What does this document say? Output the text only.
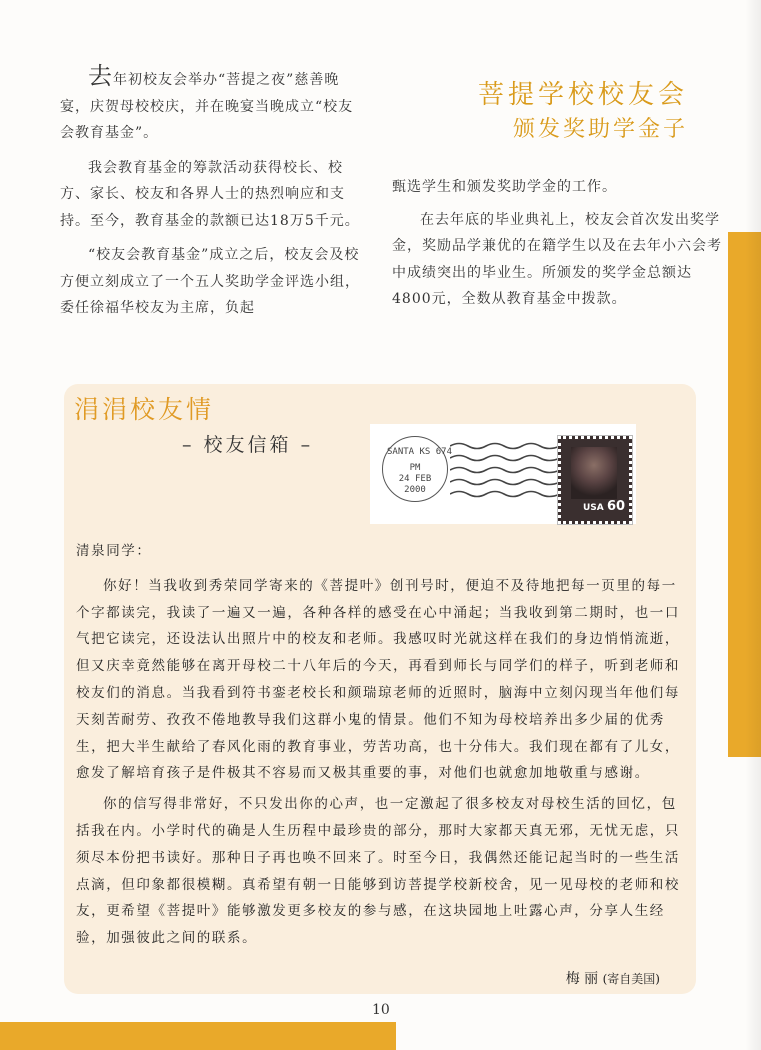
去年初校友会举办“菩提之夜”慈善晚宴，庆贺母校校庆，并在晚宴当晚成立“校友会教育基金”。

我会教育基金的筹款活动获得校长、校方、家长、校友和各界人士的热烈响应和支持。至今，教育基金的款额已达18万5千元。

“校友会教育基金”成立之后，校友会及校方便立刻成立了一个五人奖助学金评选小组，委任徐福华校友为主席，负起

菩提学校校友会
颁发奖助学金子

甄选学生和颁发奖助学金的工作。

在去年底的毕业典礼上，校友会首次发出奖学金，奖励品学兼优的在籍学生以及在去年小六会考中成绩突出的毕业生。所颁发的奖学金总额达4800元，全数从教育基金中拨款。

涓涓校友情
– 校友信箱 –	SANTA KS 674
PM
24 FEB
2000
USA 60

清泉同学：

你好！当我收到秀荣同学寄来的《菩提叶》创刊号时，便迫不及待地把每一页里的每一个字都读完，我读了一遍又一遍，各种各样的感受在心中涌起；当我收到第二期时，也一口气把它读完，还设法认出照片中的校友和老师。我感叹时光就这样在我们的身边悄悄流逝，但又庆幸竟然能够在离开母校二十八年后的今天，再看到师长与同学们的样子，听到老师和校友们的消息。当我看到符书銮老校长和颜瑞琼老师的近照时，脑海中立刻闪现当年他们每天刻苦耐劳、孜孜不倦地教导我们这群小鬼的情景。他们不知为母校培养出多少届的优秀生，把大半生献给了春风化雨的教育事业，劳苦功高，也十分伟大。我们现在都有了儿女，愈发了解培育孩子是件极其不容易而又极其重要的事，对他们也就愈加地敬重与感谢。

你的信写得非常好，不只发出你的心声，也一定激起了很多校友对母校生活的回忆，包括我在内。小学时代的确是人生历程中最珍贵的部分，那时大家都天真无邪，无忧无虑，只须尽本份把书读好。那种日子再也唤不回来了。时至今日，我偶然还能记起当时的一些生活点滴，但印象都很模糊。真希望有朝一日能够到访菩提学校新校舍，见一见母校的老师和校友，更希望《菩提叶》能够激发更多校友的参与感，在这块园地上吐露心声，分享人生经验，加强彼此之间的联系。

梅 丽 (寄自美国)
10
